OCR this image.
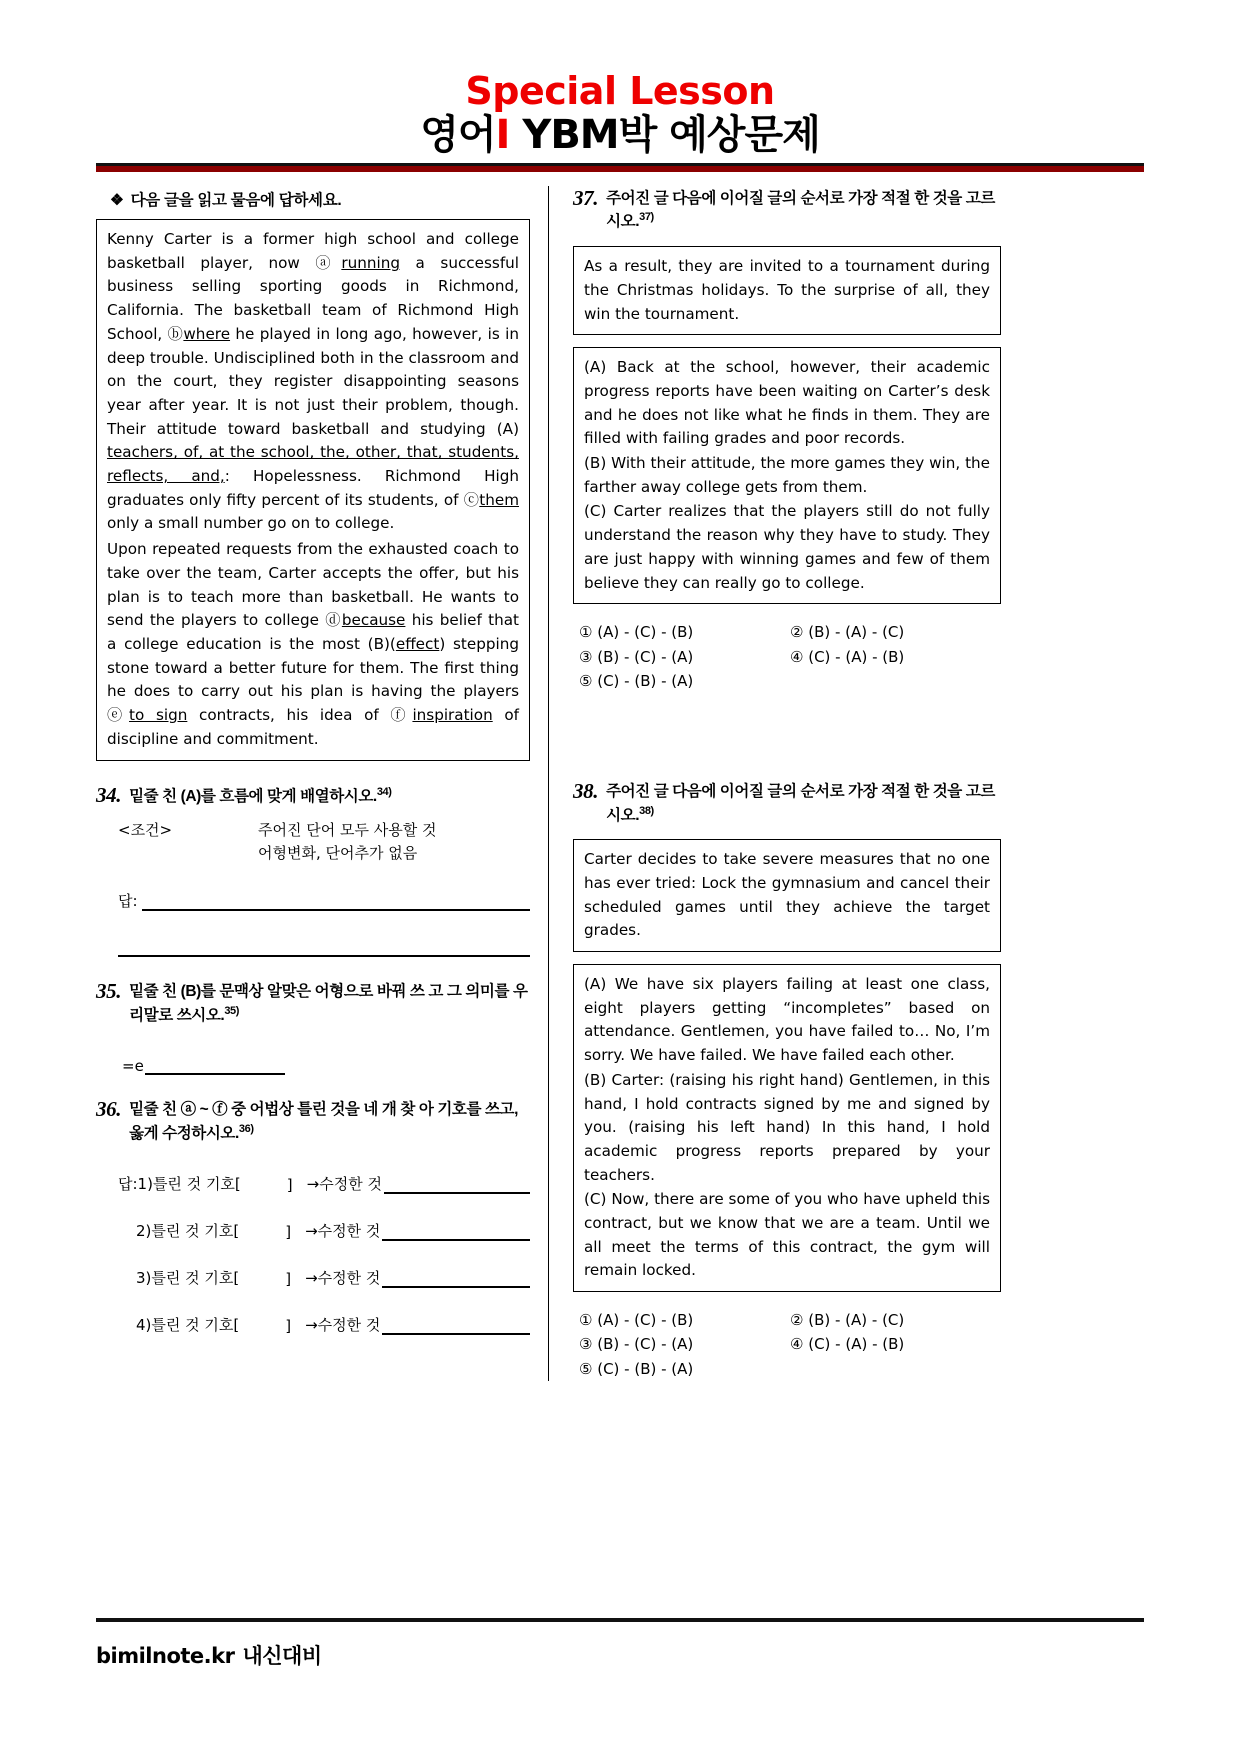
Special Lesson
영어I YBM박 예상문제
❖ 다음 글을 읽고 물음에 답하세요.

Kenny Carter is a former high school and college basketball player, now ⓐrunning a successful business selling sporting goods in Richmond, California. The basketball team of Richmond High School, ⓑwhere he played in long ago, however, is in deep trouble. Undisciplined both in the classroom and on the court, they register disappointing seasons year after year. It is not just their problem, though. Their attitude toward basketball and studying (A) teachers, of, at the school, the, other, that, students, reflects, and,: Hopelessness. Richmond High graduates only fifty percent of its students, of ⓒthem only a small number go on to college.

Upon repeated requests from the exhausted coach to take over the team, Carter accepts the offer, but his plan is to teach more than basketball. He wants to send the players to college ⓓbecause his belief that a college education is the most (B)(effect) stepping stone toward a better future for them. The first thing he does to carry out his plan is having the players ⓔto sign contracts, his idea of ⓕinspiration of discipline and commitment.

34. 밑줄 친 (A)를 흐름에 맞게 배열하시오.$^{34)}$
<조건>	주어진 단어 모두 사용할 것
어형변화, 단어추가 없음
답:
35. 밑줄 친 (B)를 문맥상 알맞은 어형으로 바꿔 쓰 고 그 의미를 우리말로 쓰시오.$^{35)}$
=e
36. 밑줄 친 ⓐ ~ ⓕ 중 어법상 틀린 것을 네 개 찾 아 기호를 쓰고, 옳게 수정하시오.$^{36)}$
답:1)틀린 것 기호[	] →수정한 것
2)틀린 것 기호[	] →수정한 것
3)틀린 것 기호[	] →수정한 것
4)틀린 것 기호[	] →수정한 것
37. 주어진 글 다음에 이어질 글의 순서로 가장 적절 한 것을 고르시오.$^{37)}$

As a result, they are invited to a tournament during the Christmas holidays. To the surprise of all, they win the tournament.

(A) Back at the school, however, their academic progress reports have been waiting on Carter’s desk and he does not like what he finds in them. They are filled with failing grades and poor records.

(B) With their attitude, the more games they win, the farther away college gets from them.

(C) Carter realizes that the players still do not fully understand the reason why they have to study. They are just happy with winning games and few of them believe they can really go to college.

① (A) - (C) - (B)	② (B) - (A) - (C)
③ (B) - (C) - (A)	④ (C) - (A) - (B)
⑤ (C) - (B) - (A)
38. 주어진 글 다음에 이어질 글의 순서로 가장 적절 한 것을 고르시오.$^{38)}$

Carter decides to take severe measures that no one has ever tried: Lock the gymnasium and cancel their scheduled games until they achieve the target grades.

(A) We have six players failing at least one class, eight players getting “incompletes” based on attendance. Gentlemen, you have failed to… No, I’m sorry. We have failed. We have failed each other.

(B) Carter: (raising his right hand) Gentlemen, in this hand, I hold contracts signed by me and signed by you. (raising his left hand) In this hand, I hold academic progress reports prepared by your teachers.

(C) Now, there are some of you who have upheld this contract, but we know that we are a team. Until we all meet the terms of this contract, the gym will remain locked.

① (A) - (C) - (B)	② (B) - (A) - (C)
③ (B) - (C) - (A)	④ (C) - (A) - (B)
⑤ (C) - (B) - (A)
bimilnote.kr 내신대비
